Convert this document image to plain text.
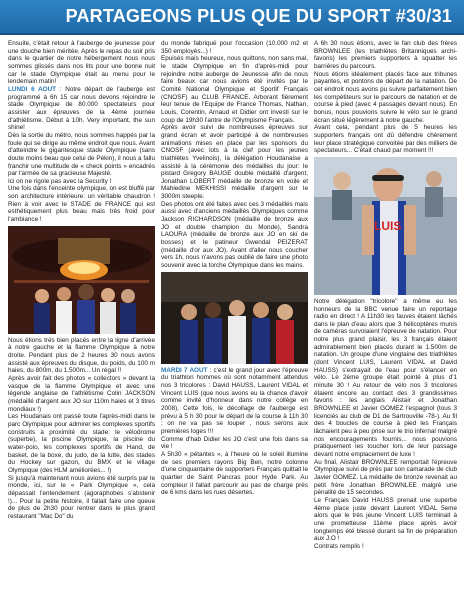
PARTAGEONS PLUS QUE DU SPORT #30/31

Ensuite, c'était retour à l'auberge de jeunesse pour une douche bien méritée. Après le repas du soir pris dans le quartier de notre hébergement nous nous sommes glissés dans nos lits pour une bonne nuit car le stade Olympique était au menu pour le lendemain matin!

LUNDI 6 AOUT : Notre départ de l'auberge est programmé à 6h 15 car nous devons rejoindre le stade Olympique de 80.000 spectateurs pour assister aux épreuves de la 4ème journée d'athlétisme. Début à 10h. Very important, the sun shine!

Dès la sortie du métro, nous sommes happés par la foule qui se dirige au même endroit que nous. Avant d'atteindre le gigantesque stade Olympique (sans doute moins beau que celui de Pékin), il nous a fallu franchir une multitude de « check points » encadrés par l'armée de sa gracieuse Majesté.

Ici on ne rigole pas avec la Security !

Une fois dans l'enceinte olympique, on est bluffé par son architecture intérieure: un véritable chaudron ! Rien à voir avec le STADE de FRANCE qui est esthétiquement plus beau mais très froid pour l'ambiance !

Nous étions très bien placés entre la ligne d'arrivée à notre gauche et la flamme Olympique à notre droite. Pendant plus de 2 heures 30 nous avons assisté aux épreuves du disque, du poids, du 100 m haies, du 800m, du 1.500m... Un régal !!

Après avoir fait des photos « collectors » devant la vasque de la flamme Olympique et avec une légende anglaise de l'athlétisme Colin JACKSON (médaillé d'argent aux JO sur 110m haies et 3 titres mondiaux !)

Les Houdanais ont passé toute l'après-midi dans le parc Olympique pour admirer les complexes sportifs construits à proximité du stade: le vélodrome (superbe), la piscine Olympique, la piscine du water-polo, les complexes sportifs de Hand, de basket, de la boxe, du judo, de la lutte, des stades du Hockey sur gazon, du BMX et le village Olympique (des HLM améliorées... !)

Si jusqu'à maintenant nous avions été surpris par le monde, ici, sur le « Park Olympique », cela dépassait l'entendement (agoraphobes s'abstenir !)... Pour la petite histoire, il fallait faire une queue de plus de 2h30 pour rentrer dans le plus grand restaurant "Mac Do" du

du monde fabriqué pour l'occasion (10.000 m2 et 350 employés...) !

Epuisés mais heureux, nous quittons, non sans mal, le stade Olympique en fin d'après-midi pour rejoindre notre auberge de Jeunesse afin de nous faire beaux car nous avions été invités par le Comité National Olympique et Sportif Français (CNOSF) au CLUB FRANCE. Arborant fièrement leur tenue de l'Equipe de France Thomas, Nathan, Louis, Corentin, Arnaud et Didier ont investi sur le coup de 19h30 l'antre de l'Olympisme Français.

Après avoir suivi de nombreuses épreuves sur grand écran et avoir participé à de nombreuses animations mises en place par les sponsors du CNOSF (avec lots à la clef pour les jeunes triathlètes Yvelinois), la délégation Houdanaise a assisté à la cérémonie des médailles du jour: le pistard Gregory BAUGE double médaillé d'argent, Jonathan LOBERT médaille de bronze en voile et Mahiedine MEKHISSI médaille d'argent sur le 3000m steeple.

Des photos ont été faites avec ces 3 médaillés mais aussi avec d'anciens médaillés Olympiques comme Jackson RICHARDSON (médaille de bronze aux JO et double champion du Monde), Sandra LAOURA (médaille de bronze aux JO en ski de bosses) et le patineur Gwendal PEIZERAT (médaille d'or aux JO). Avant d'aller nous coucher vers 1h, nous n'avons pas oublié de faire une photo souvenir avec la torche Olympique dans les mains.

MARDI 7 AOUT : c'est le grand jour avec l'épreuve du triathlon hommes où sont notamment attendus nos 3 tricolores : David HAUSS, Laurent VIDAL et Vincent LUIS (que nous avons eu la chance d'avoir comme invité d'honneur dans notre collège en 2008). Cette fois, le décollage de l'auberge est prévu à 5 h 30 pour le départ de la course à 11h 30 ; on ne va pas se louper , nous serons aux premières loges !!!

Comme d'hab Didier les JO c'est une fois dans sa vie !

A 5h30 « pétantes », à l'heure où le soleil illumine de ses premiers rayons Big Ben, notre colonne d'une cinquantaine de supporters Français quittait le quartier de Saint Pancras pour Hyde Park. Au compteur il fallait parcourir au pas de charge près de 6 kms dans les rues désertes.

A 6h 30 nous étions, avec le fan club des frères BROWNLEE (les triathlètes Britanniques archi- favoris) les premiers supporters à squatter les barrières du parcours.

Nous étions idéalement placés face aux tribunes payantes, et pontons de départ de la natation. De cet endroit nous avons pu suivre parfaitement bien les compétiteurs sur le parcours de natation et de course à pied (avec 4 passages devant nous). En bonus, nous pouvions suivre le vélo sur le grand écran situé légèrement à notre gauche.

Avant cela, pendant plus de 5 heures les supporters français ont dû défendre chèrement leur place stratégique convoitée par des milliers de spectateurs... C'était chaud par moment !!!

LUIS

Notre délégation "tricolore" a même eu les honneurs de la BBC venue faire un reportage radio en direct ! A 11h30 les fauves étaient lâchés dans le plan d'eau alors que 3 hélicoptères munis de caméras survolaient l'épreuve de natation. Pour notre plus grand plaisir, les 3 français étaient admirablement bien placés durant le 1.500m de natation. Un groupe d'une vingtaine des triathlètes (dont Vincent LUIS, Laurent VIDAL et David HAUSS) s'extrayait de l'eau pour s'élancer en vélo. Le 2ème groupe était pointé à plus d'1 minute 30 ! Au retour de vélo nos 3 tricolores étaient encore au contact des 3 grandissimes favoris : les anglais Alistair et Jonathan BROWNLEE et Javier GOMEZ l'espagnol (tous 3 licenciés au club de D1 de Sartrouville -78-). Au fil des 4 boucles de course à pied les Français lâchaient peu à peu prise sur le trio infernal malgré nos encouragements fournis... nous pouvions pratiquement les toucher lors de leur passage devant notre emplacement de luxe !

Au final, Alistair BROWNLEE remportait l'épreuve Olympique suivi de près par son camarade de club Javier GOMEZ. La médaille de bronze revenait au petit frère Jonathan BROWNLEE malgré une pénalité de 15 secondes.

Le Français David HAUSS prenait une superbe 4ème place juste devant Laurent VIDAL 5eme alors que le très jeune Vincent LUIS terminait à une prometteuse 11ème place après avoir longtemps été blessé durant sa fin de préparation aux J.O !

Contrats remplis !
